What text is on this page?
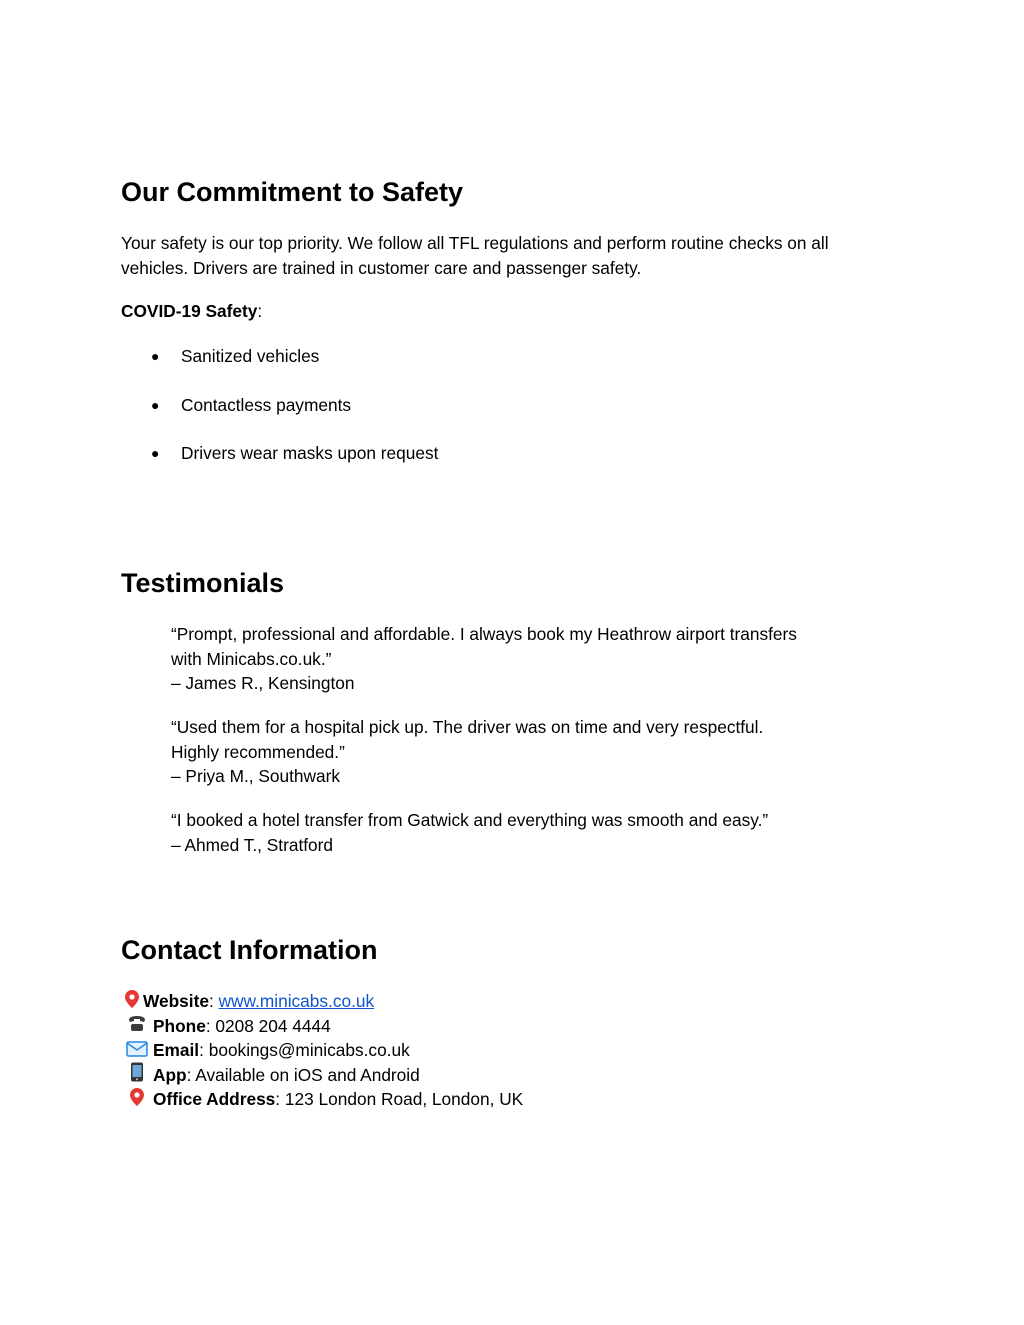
Our Commitment to Safety

Your safety is our top priority. We follow all TFL regulations and perform routine checks on all
vehicles. Drivers are trained in customer care and passenger safety.

COVID-19 Safety:

● Sanitized vehicles
● Contactless payments
● Drivers wear masks upon request
Testimonials
“Prompt, professional and affordable. I always book my Heathrow airport transfers
with Minicabs.co.uk.”
– James R., Kensington
“Used them for a hospital pick up. The driver was on time and very respectful.
Highly recommended.”
– Priya M., Southwark
“I booked a hotel transfer from Gatwick and everything was smooth and easy.”
– Ahmed T., Stratford
Contact Information
Website: www.minicabs.co.uk
Phone: 0208 204 4444
Email: bookings@minicabs.co.uk
App: Available on iOS and Android
Office Address: 123 London Road, London, UK
